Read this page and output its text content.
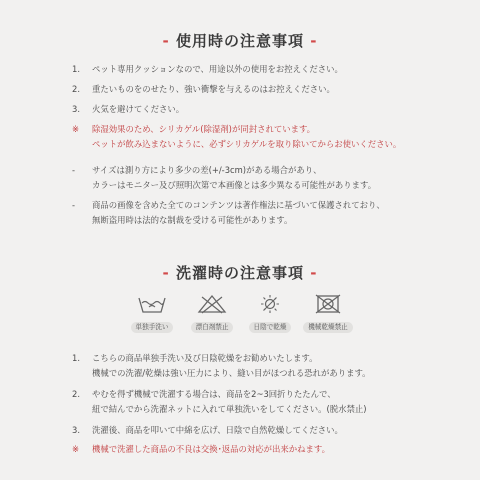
- 使用時の注意事項 -
1. ペット専用クッションなので、用途以外の使用をお控えください。
2. 重たいものをのせたり、強い衝撃を与えるのはお控えください。
3. 火気を避けてください。
※ 除湿効果のため、シリカゲル(除湿剤)が同封されています。
ペットが飲み込まないように、必ずシリカゲルを取り除いてからお使いください。
- サイズは測り方により多少の差(+/-3cm)がある場合があり、
カラーはモニター及び照明次第で本画像とは多少異なる可能性があります。
- 商品の画像を含めた全てのコンテンツは著作権法に基づいて保護されており、
無断盗用時は法的な制裁を受ける可能性があります。
- 洗濯時の注意事項 -
単独手洗い	漂白剤禁止	日陰で乾燥	機械乾燥禁止
1. こちらの商品単独手洗い及び日陰乾燥をお勧めいたします。
機械での洗濯/乾燥は強い圧力により、縫い目がほつれる恐れがあります。
2. やむを得ず機械で洗濯する場合は、商品を2~3回折りたたんで、
紐で結んでから洗濯ネットに入れて単独洗いをしてください。(脱水禁止)
3. 洗濯後、商品を叩いて中綿を広げ、日陰で自然乾燥してください。
※ 機械で洗濯した商品の不良は交換･返品の対応が出来かねます。
